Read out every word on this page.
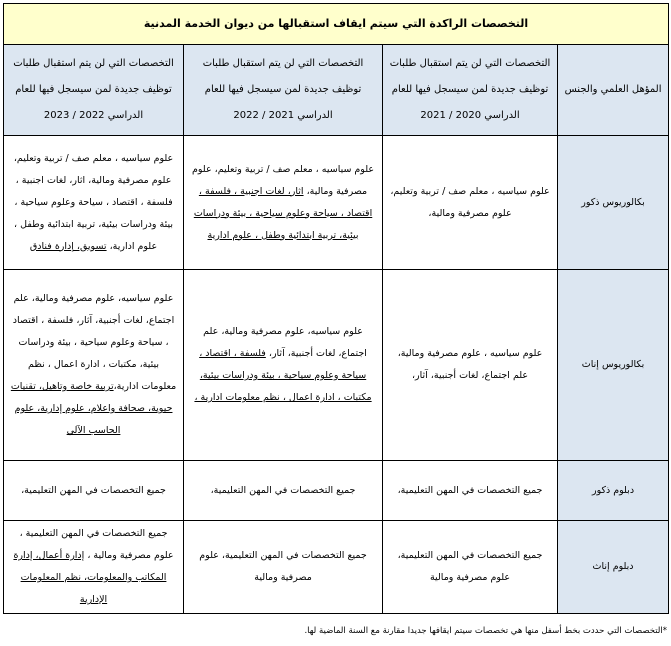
التخصصات الراكدة التي سيتم ايقاف استقبالها من ديوان الخدمة المدنية			
المؤهل العلمي والجنس	التخصصات التي لن يتم استقبال طلبات توظيف جديدة لمن سيسجل فيها للعام الدراسي 2020 / 2021	التخصصات التي لن يتم استقبال طلبات توظيف جديدة لمن سيسجل فيها للعام الدراسي 2021 / 2022	التخصصات التي لن يتم استقبال طلبات توظيف جديدة لمن سيسجل فيها للعام الدراسي 2022 / 2023
بكالوريوس ذكور	علوم سياسيه ، معلم صف / تربية وتعليم، علوم مصرفية ومالية،	علوم سياسيه ، معلم صف / تربية وتعليم، علوم مصرفية ومالية، اثار، لغات اجنبية ، فلسفة ، اقتصاد ، سياحة وعلوم سياحية ، بيئة ودراسات بيئية، تربية ابتدائية وطفل ، علوم ادارية	علوم سياسيه ، معلم صف / تربية وتعليم، علوم مصرفية ومالية، اثار، لغات اجنبية ، فلسفة ، اقتصاد ، سياحة وعلوم سياحية ، بيئة ودراسات بيئية، تربية ابتدائية وطفل ، علوم ادارية، تسويق، إدارة فنادق
بكالوريوس إناث	علوم سياسيه ، علوم مصرفية ومالية، علم اجتماع، لغات أجنبية، آثار،	علوم سياسيه، علوم مصرفية ومالية، علم اجتماع، لغات أجنبية، آثار، فلسفة ، اقتصاد ، سياحة وعلوم سياحية ، بيئة ودراسات بيئية، مكتبات ، ادارة اعمال ، نظم معلومات ادارية ،	علوم سياسيه، علوم مصرفية ومالية، علم اجتماع، لغات أجنبية، آثار، فلسفة ، اقتصاد ، سياحة وعلوم سياحية ، بيئة ودراسات بيئية، مكتبات ، ادارة اعمال ، نظم معلومات ادارية،تربية خاصة وتاهيل، تقنيات حيوية، صحافة واعلام، علوم إدارية، علوم الحاسب الآلي
دبلوم ذكور	جميع التخصصات في المهن التعليمية،	جميع التخصصات في المهن التعليمية،	جميع التخصصات في المهن التعليمية،
دبلوم إناث	جميع التخصصات في المهن التعليمية، علوم مصرفية ومالية	جميع التخصصات في المهن التعليمية، علوم مصرفية ومالية	جميع التخصصات في المهن التعليمية ، علوم مصرفية ومالية ، إدارة أعمال، إدارة المكاتب والمعلومات، نظم المعلومات الإدارية
*التخصصات التي حددت بخط أسفل منها هي تخصصات سيتم ايقافها جديدا مقارنة مع السنة الماضية لها.
